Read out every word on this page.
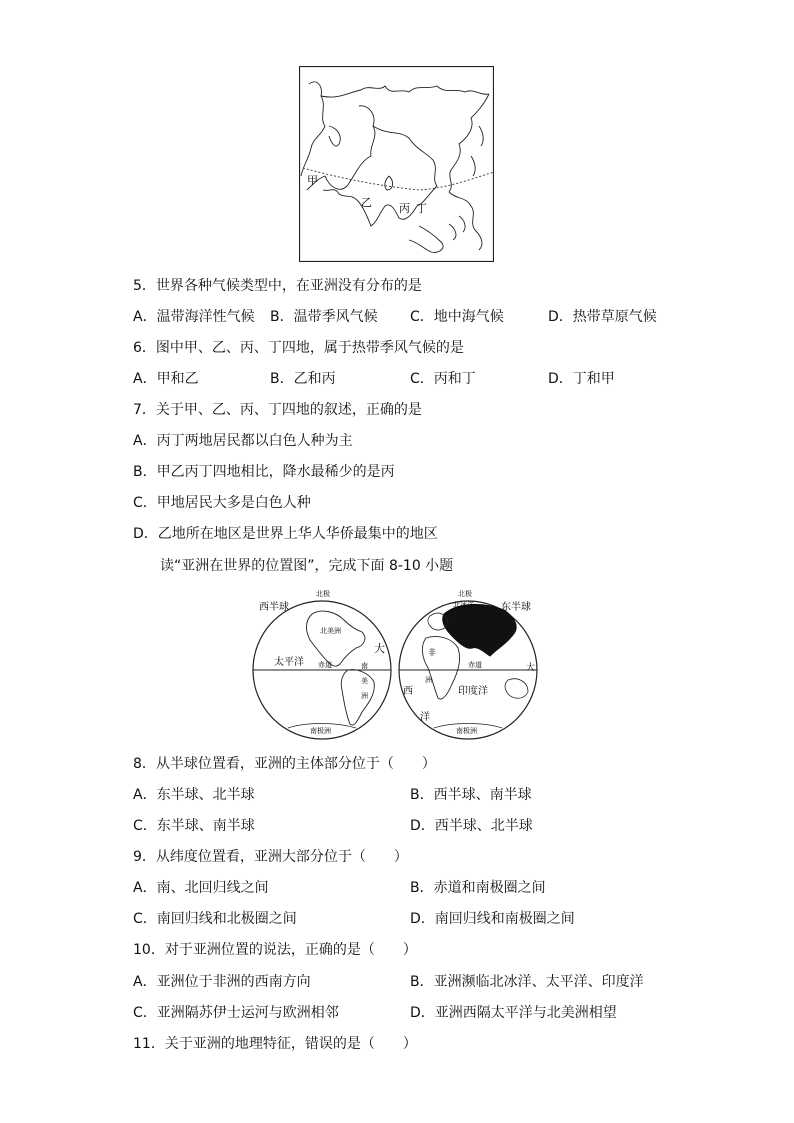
甲
乙 丙 丁
5．世界各种气候类型中，在亚洲没有分布的是
A．温带海洋性气候 B．温带季风气候 C．地中海气候	D．热带草原气候
6．图中甲、乙、丙、丁四地，属于热带季风气候的是
A．甲和乙	B．乙和丙	C．丙和丁	D．丁和甲
7．关于甲、乙、丙、丁四地的叙述，正确的是
A．丙丁两地居民都以白色人种为主
B．甲乙丙丁四地相比，降水最稀少的是丙
C．甲地居民大多是白色人种
D．乙地所在地区是世界上华人华侨最集中的地区
读“亚洲在世界的位置图”，完成下面 8-10 小题
西半球
北极
北美洲
太平洋 赤道
大
南
美
洲
南极洲
东半球
北极
北冰洋
非
赤道
西
洲
印度洋
洋
大
南极洲
8．从半球位置看，亚洲的主体部分位于（　　）
A．东半球、北半球	B．西半球、南半球
C．东半球、南半球	D．西半球、北半球
9．从纬度位置看，亚洲大部分位于（　　）
A．南、北回归线之间	B．赤道和南极圈之间
C．南回归线和北极圈之间	D．南回归线和南极圈之间
10．对于亚洲位置的说法，正确的是（　　）
A．亚洲位于非洲的西南方向	B．亚洲濒临北冰洋、太平洋、印度洋
C．亚洲隔苏伊士运河与欧洲相邻	D．亚洲西隔太平洋与北美洲相望
11．关于亚洲的地理特征，错误的是（　　）
